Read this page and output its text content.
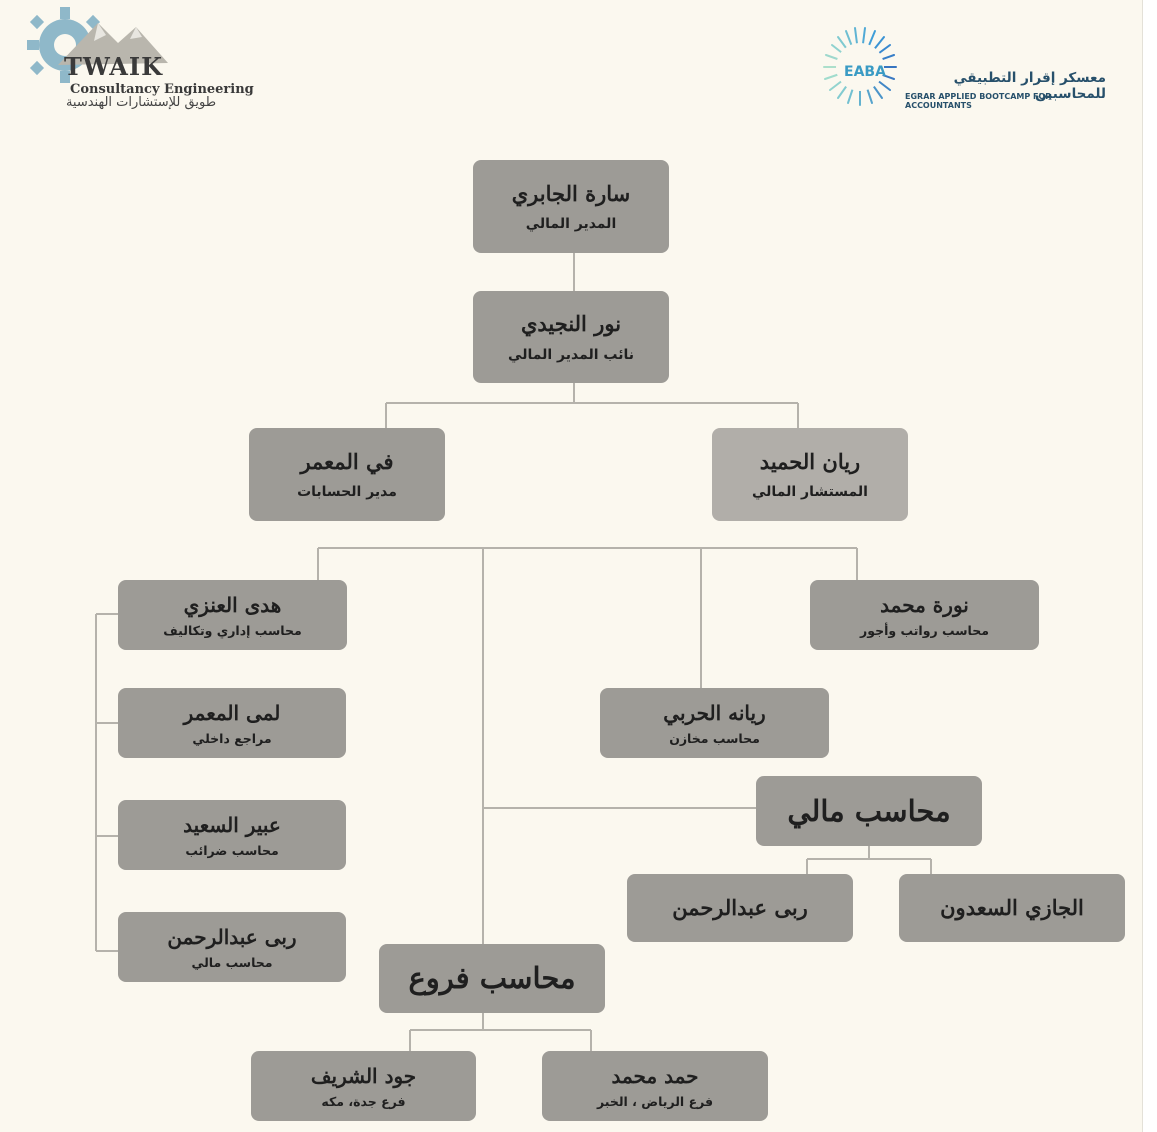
TWAIK
Consultancy Engineering
طويق للإستشارات الهندسية
EABA	معسكر إقرار التطبيقي للمحاسبين
EGRAR APPLIED BOOTCAMP FOR ACCOUNTANTS
سارة الجابري
المدير المالي
نور النجيدي
نائب المدير المالي
في المعمر
مدير الحسابات
ريان الحميد
المستشار المالي
هدى العنزي
محاسب إداري وتكاليف
نورة محمد
محاسب رواتب وأجور
لمى المعمر
مراجع داخلي
ريانه الحربي
محاسب مخازن
عبير السعيد
محاسب ضرائب
ربى عبدالرحمن
محاسب مالي
محاسب مالي
ربى عبدالرحمن	الجازي السعدون
محاسب فروع
جود الشريف
فرع جدة، مكه
حمد محمد
فرع الرياض ، الخبر
